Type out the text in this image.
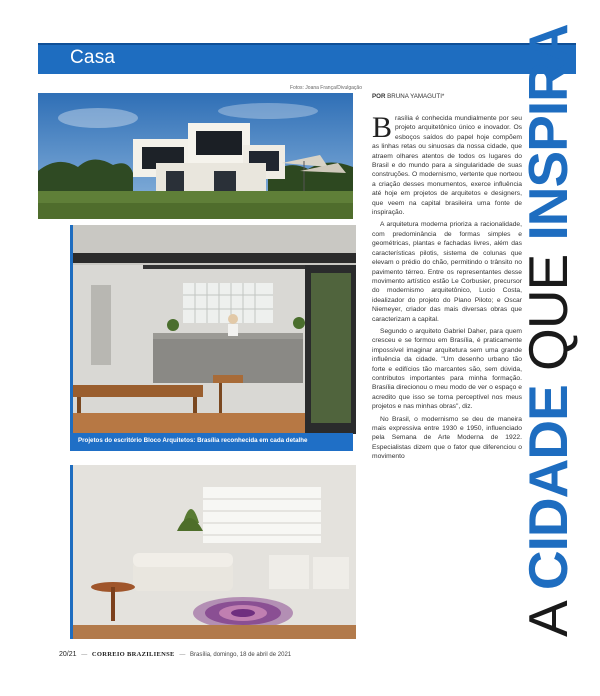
Casa
Fotos: Joana França/Divulgação
Projetos do escritório Bloco Arquitetos: Brasília reconhecida em cada detalhe
POR BRUNA YAMAGUTI*

B rasília é conhecida mundialmente por seu projeto arquitetônico único e inovador. Os esboços saídos do papel hoje compõem as linhas retas ou sinuosas da nossa cidade, que atraem olhares atentos de todos os lugares do Brasil e do mundo para a singularidade de suas construções. O modernismo, vertente que norteou a criação desses monumentos, exerce influência até hoje em projetos de arquitetos e designers, que veem na capital brasileira uma fonte de inspiração.

A arquitetura moderna prioriza a racionalidade, com predominância de formas simples e geométricas, plantas e fachadas livres, além das características pilotis, sistema de colunas que elevam o prédio do chão, permitindo o trânsito no pavimento térreo. Entre os representantes desse movimento artístico estão Le Corbusier, precursor do modernismo arquitetônico, Lucio Costa, idealizador do projeto do Plano Piloto; e Oscar Niemeyer, criador das mais diversas obras que caracterizam a capital.

Segundo o arquiteto Gabriel Daher, para quem cresceu e se formou em Brasília, é praticamente impossível imaginar arquitetura sem uma grande influência da cidade. "Um desenho urbano tão forte e edifícios tão marcantes são, sem dúvida, contributos importantes para minha formação. Brasília direcionou o meu modo de ver o espaço e acredito que isso se torna perceptível nos meus projetos e nas minhas obras", diz.

No Brasil, o modernismo se deu de maneira mais expressiva entre 1930 e 1950, influenciado pela Semana de Arte Moderna de 1922. Especialistas dizem que o fator que diferenciou o movimento

A CIDADE QUE INSPIRA
20/21 — CORREIO BRAZILIENSE — Brasília, domingo, 18 de abril de 2021
